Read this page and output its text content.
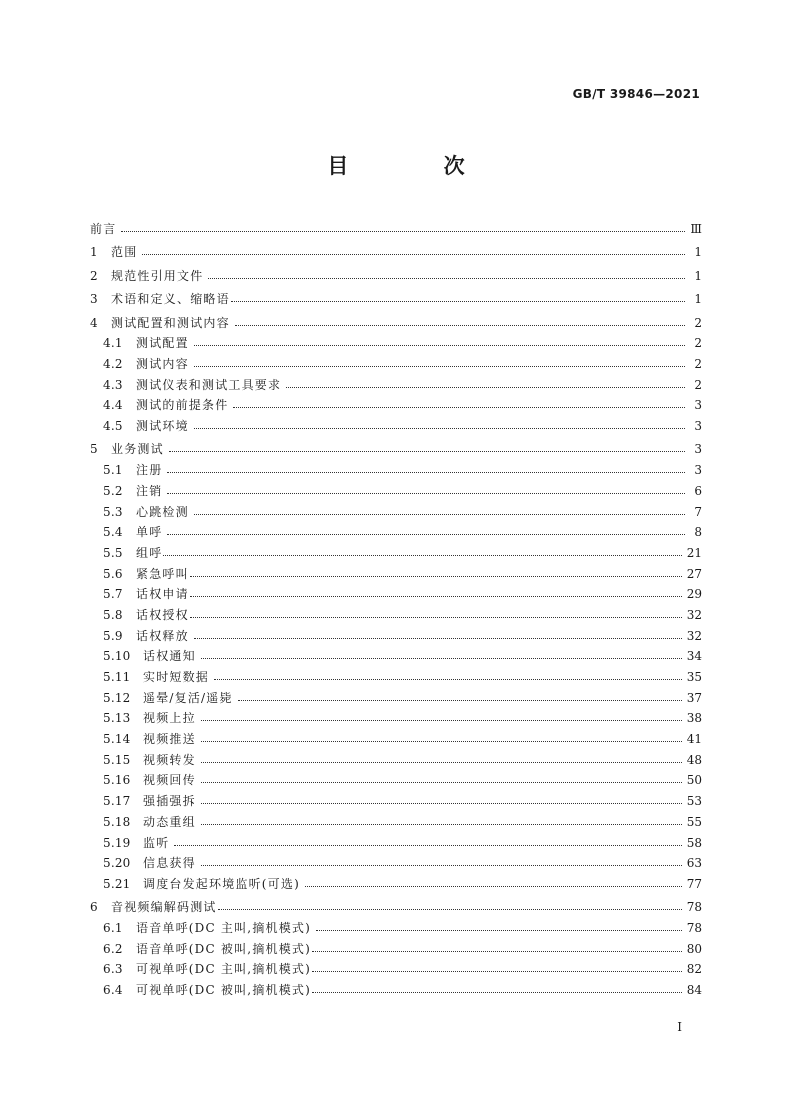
GB/T 39846—2021
目 次
前言	Ⅲ
1	范围	1
2	规范性引用文件	1
3	术语和定义、缩略语	1
4	测试配置和测试内容	2
4.1	测试配置	2
4.2	测试内容	2
4.3	测试仪表和测试工具要求	2
4.4	测试的前提条件	3
4.5	测试环境	3
5	业务测试	3
5.1	注册	3
5.2	注销	6
5.3	心跳检测	7
5.4	单呼	8
5.5	组呼	21
5.6	紧急呼叫	27
5.7	话权申请	29
5.8	话权授权	32
5.9	话权释放	32
5.10	话权通知	34
5.11	实时短数据	35
5.12	遥晕/复活/遥毙	37
5.13	视频上拉	38
5.14	视频推送	41
5.15	视频转发	48
5.16	视频回传	50
5.17	强插强拆	53
5.18	动态重组	55
5.19	监听	58
5.20	信息获得	63
5.21	调度台发起环境监听(可选)	77
6	音视频编解码测试	78
6.1	语音单呼(DC 主叫,摘机模式)	78
6.2	语音单呼(DC 被叫,摘机模式)	80
6.3	可视单呼(DC 主叫,摘机模式)	82
6.4	可视单呼(DC 被叫,摘机模式)	84
I
